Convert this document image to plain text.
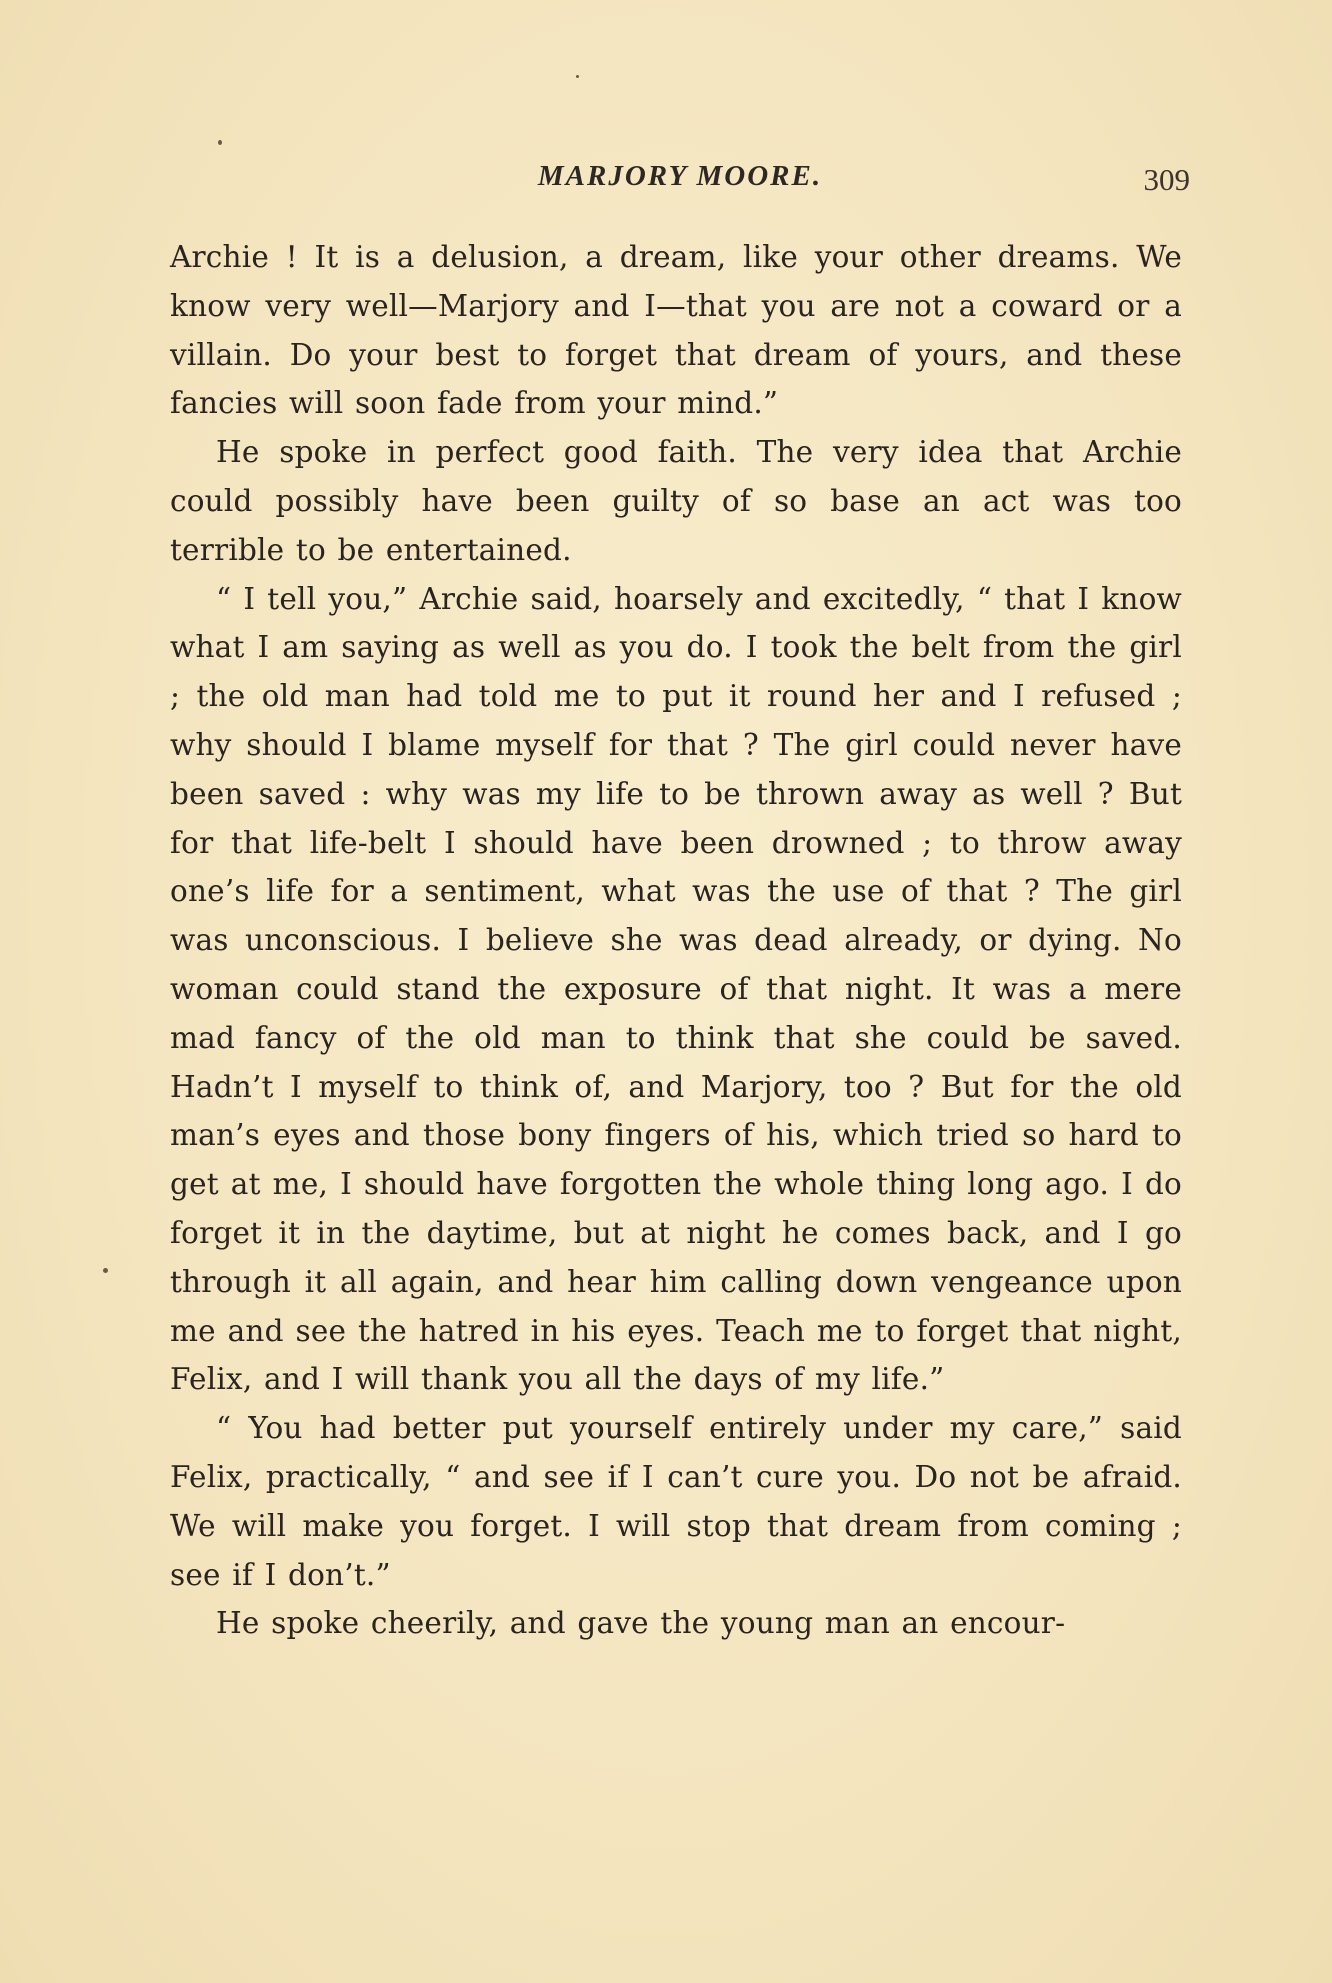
MARJORY MOORE.	309

Archie ! It is a delusion, a dream, like your other dreams. We know very well—Marjory and I—that you are not a coward or a villain. Do your best to forget that dream of yours, and these fancies will soon fade from your mind.”

He spoke in perfect good faith. The very idea that Archie could possibly have been guilty of so base an act was too terrible to be entertained.

“ I tell you,” Archie said, hoarsely and excitedly, “ that I know what I am saying as well as you do. I took the belt from the girl ; the old man had told me to put it round her and I refused ; why should I blame myself for that ? The girl could never have been saved : why was my life to be thrown away as well ? But for that life-belt I should have been drowned ; to throw away one’s life for a sentiment, what was the use of that ? The girl was unconscious. I believe she was dead already, or dying. No woman could stand the exposure of that night. It was a mere mad fancy of the old man to think that she could be saved. Hadn’t I myself to think of, and Marjory, too ? But for the old man’s eyes and those bony fingers of his, which tried so hard to get at me, I should have forgotten the whole thing long ago. I do forget it in the daytime, but at night he comes back, and I go through it all again, and hear him calling down vengeance upon me and see the hatred in his eyes. Teach me to forget that night, Felix, and I will thank you all the days of my life.”

“ You had better put yourself entirely under my care,” said Felix, practically, “ and see if I can’t cure you. Do not be afraid. We will make you forget. I will stop that dream from coming ; see if I don’t.”

He spoke cheerily, and gave the young man an encour-
